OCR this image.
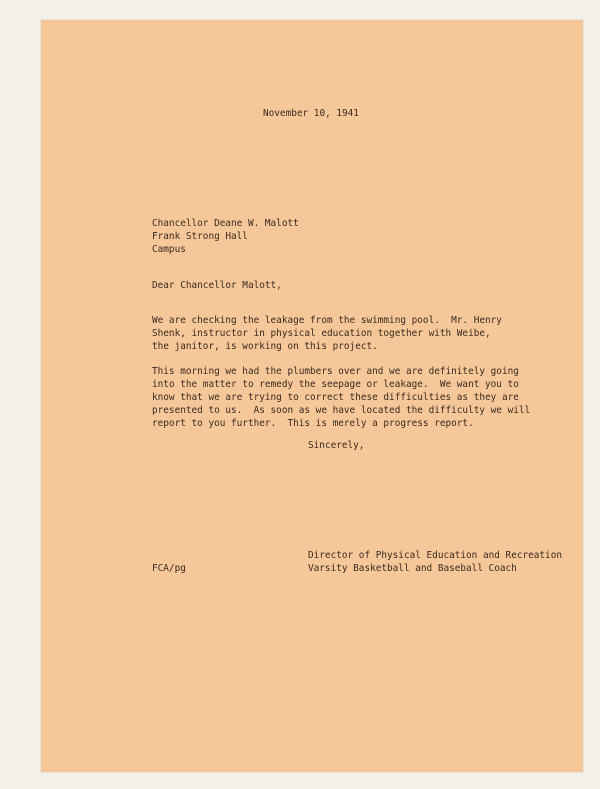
November 10, 1941
Chancellor Deane W. Malott
Frank Strong Hall
Campus
Dear Chancellor Malott,
We are checking the leakage from the swimming pool.  Mr. Henry
Shenk, instructor in physical education together with Weibe,
the janitor, is working on this project.
This morning we had the plumbers over and we are definitely going
into the matter to remedy the seepage or leakage.  We want you to
know that we are trying to correct these difficulties as they are
presented to us.  As soon as we have located the difficulty we will
report to you further.  This is merely a progress report.
Sincerely,
Director of Physical Education and Recreation
Varsity Basketball and Baseball Coach
FCA/pg
